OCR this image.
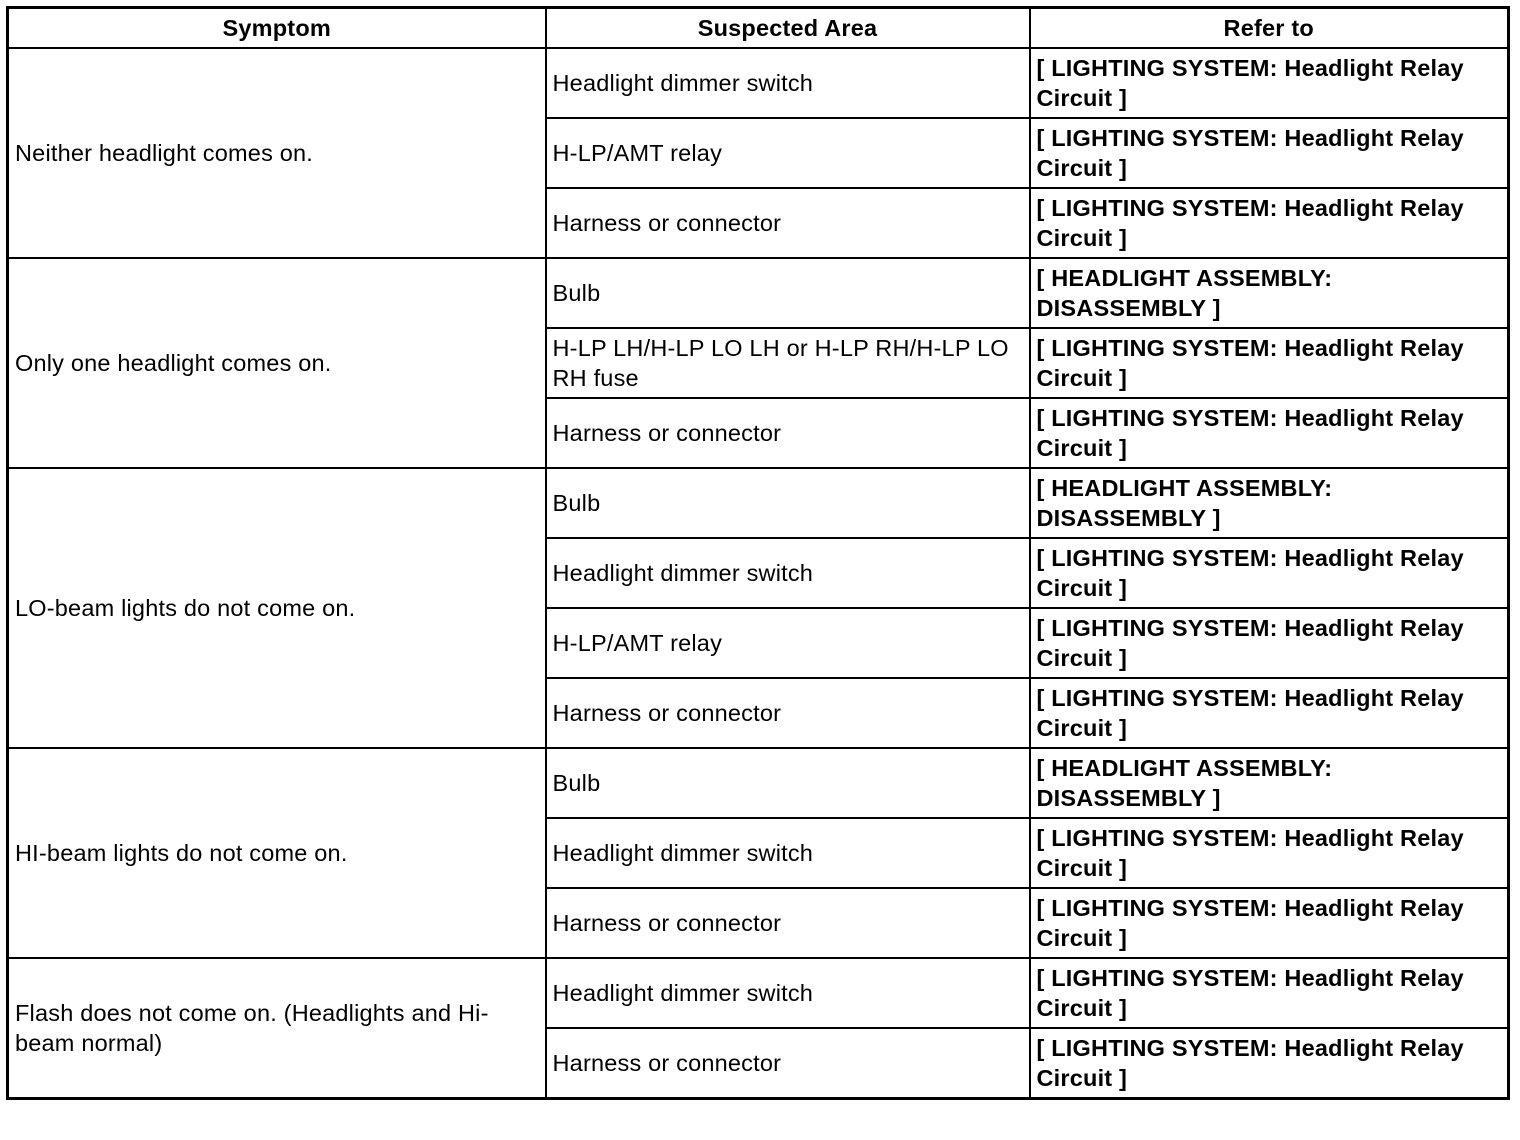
Symptom	Suspected Area	Refer to
Neither headlight comes on.	Headlight dimmer switch	[ LIGHTING SYSTEM: Headlight Relay Circuit ]
	H-LP/AMT relay	[ LIGHTING SYSTEM: Headlight Relay Circuit ]
	Harness or connector	[ LIGHTING SYSTEM: Headlight Relay Circuit ]
Only one headlight comes on.	Bulb	[ HEADLIGHT ASSEMBLY: DISASSEMBLY ]
	H-LP LH/H-LP LO LH or H-LP RH/H-LP LO RH fuse	[ LIGHTING SYSTEM: Headlight Relay Circuit ]
	Harness or connector	[ LIGHTING SYSTEM: Headlight Relay Circuit ]
LO-beam lights do not come on.	Bulb	[ HEADLIGHT ASSEMBLY: DISASSEMBLY ]
	Headlight dimmer switch	[ LIGHTING SYSTEM: Headlight Relay Circuit ]
	H-LP/AMT relay	[ LIGHTING SYSTEM: Headlight Relay Circuit ]
	Harness or connector	[ LIGHTING SYSTEM: Headlight Relay Circuit ]
HI-beam lights do not come on.	Bulb	[ HEADLIGHT ASSEMBLY: DISASSEMBLY ]
	Headlight dimmer switch	[ LIGHTING SYSTEM: Headlight Relay Circuit ]
	Harness or connector	[ LIGHTING SYSTEM: Headlight Relay Circuit ]
Flash does not come on. (Headlights and Hi-beam normal)	Headlight dimmer switch	[ LIGHTING SYSTEM: Headlight Relay Circuit ]
	Harness or connector	[ LIGHTING SYSTEM: Headlight Relay Circuit ]
